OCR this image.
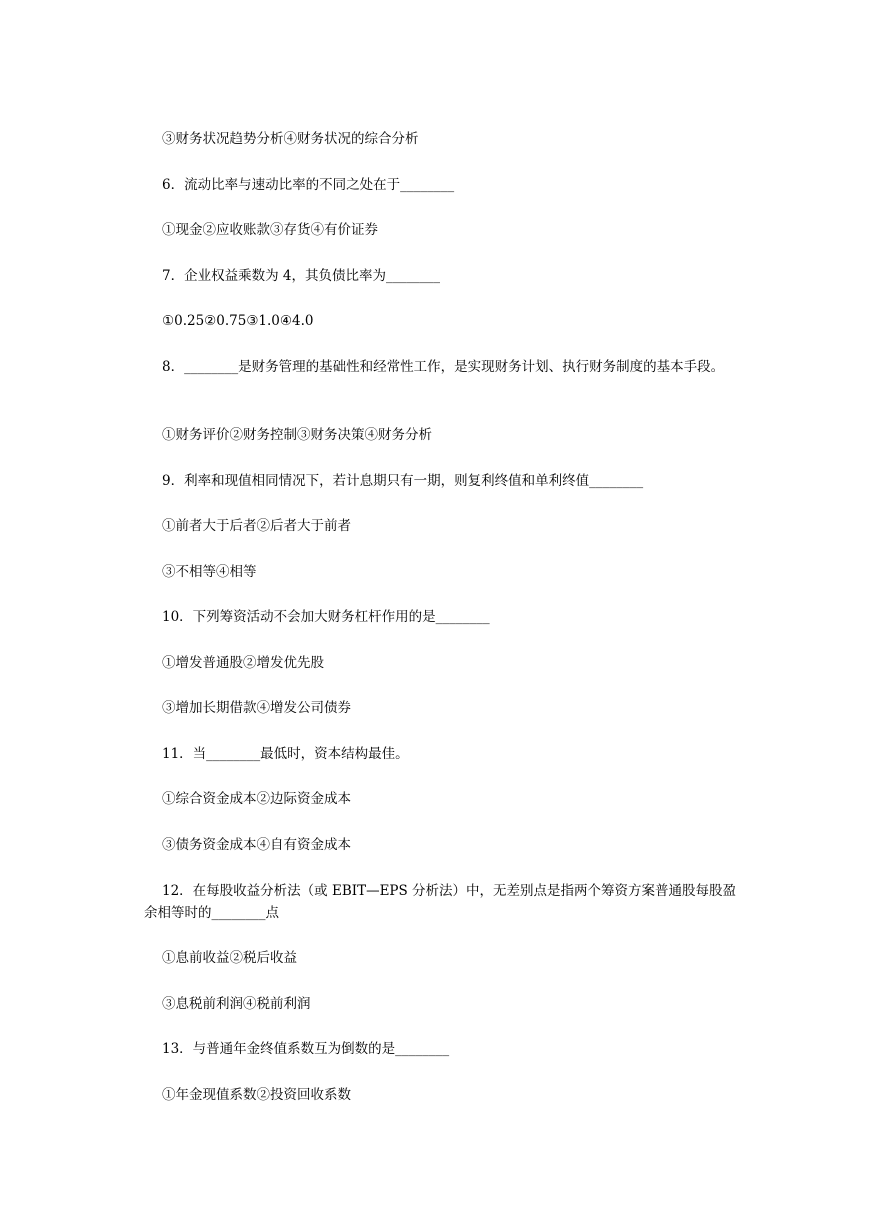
③财务状况趋势分析④财务状况的综合分析
6．流动比率与速动比率的不同之处在于________
①现金②应收账款③存货④有价证券
7．企业权益乘数为 4，其负债比率为________
①0.25②0.75③1.0④4.0
8．________是财务管理的基础性和经常性工作，是实现财务计划、执行财务制度的基本手段。
①财务评价②财务控制③财务决策④财务分析
9．利率和现值相同情况下，若计息期只有一期，则复利终值和单利终值________
①前者大于后者②后者大于前者
③不相等④相等
10．下列筹资活动不会加大财务杠杆作用的是________
①增发普通股②增发优先股
③增加长期借款④增发公司债券
11．当________最低时，资本结构最佳。
①综合资金成本②边际资金成本
③债务资金成本④自有资金成本
12．在每股收益分析法（或 EBIT—EPS 分析法）中，无差别点是指两个筹资方案普通股每股盈余相等时的________点
①息前收益②税后收益
③息税前利润④税前利润
13．与普通年金终值系数互为倒数的是________
①年金现值系数②投资回收系数
